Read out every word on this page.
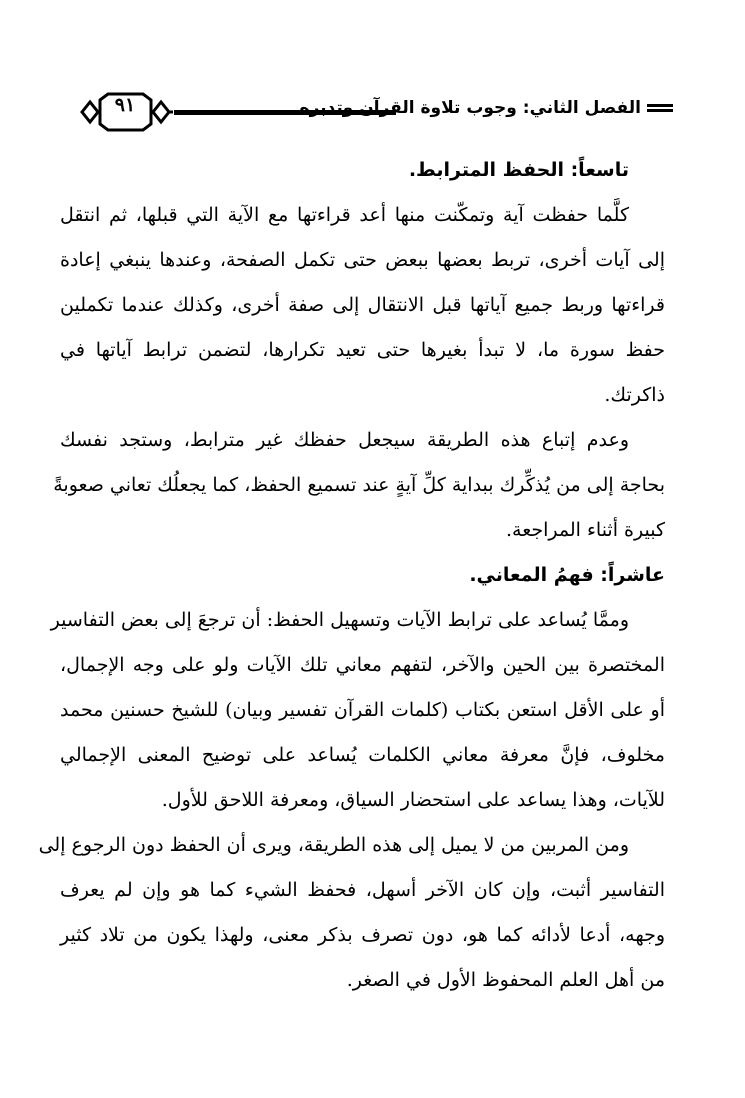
٩١	الفصل الثاني: وجوب تلاوة القرآن وتدبره
تاسعاً: الحفظ المترابط.
كلَّما حفظت آية وتمكّنت منها أعد قراءتها مع الآية التي قبلها، ثم انتقل
إلى آيات أخرى، تربط بعضها ببعض حتى تكمل الصفحة، وعندها ينبغي إعادة
قراءتها وربط جميع آياتها قبل الانتقال إلى صفة أخرى، وكذلك عندما تكملين
حفظ سورة ما، لا تبدأ بغيرها حتى تعيد تكرارها، لتضمن ترابط آياتها في
ذاكرتك.
وعدم إتباع هذه الطريقة سيجعل حفظك غير مترابط، وستجد نفسك
بحاجة إلى من يُذكِّرك ببداية كلِّ آيةٍ عند تسميع الحفظ، كما يجعلُك تعاني صعوبةً
كبيرة أثناء المراجعة.
عاشراً: فهمُ المعاني.
وممَّا يُساعد على ترابط الآيات وتسهيل الحفظ: أن ترجعَ إلى بعض التفاسير
المختصرة بين الحين والآخر، لتفهم معاني تلك الآيات ولو على وجه الإجمال،
أو على الأقل استعن بكتاب (كلمات القرآن تفسير وبيان) للشيخ حسنين محمد
مخلوف، فإنَّ معرفة معاني الكلمات يُساعد على توضيح المعنى الإجمالي
للآيات، وهذا يساعد على استحضار السياق، ومعرفة اللاحق للأول.
ومن المربين من لا يميل إلى هذه الطريقة، ويرى أن الحفظ دون الرجوع إلى
التفاسير أثبت، وإن كان الآخر أسهل، فحفظ الشيء كما هو وإن لم يعرف
وجهه، أدعا لأدائه كما هو، دون تصرف بذكر معنى، ولهذا يكون من تلاد كثير
من أهل العلم المحفوظ الأول في الصغر.
